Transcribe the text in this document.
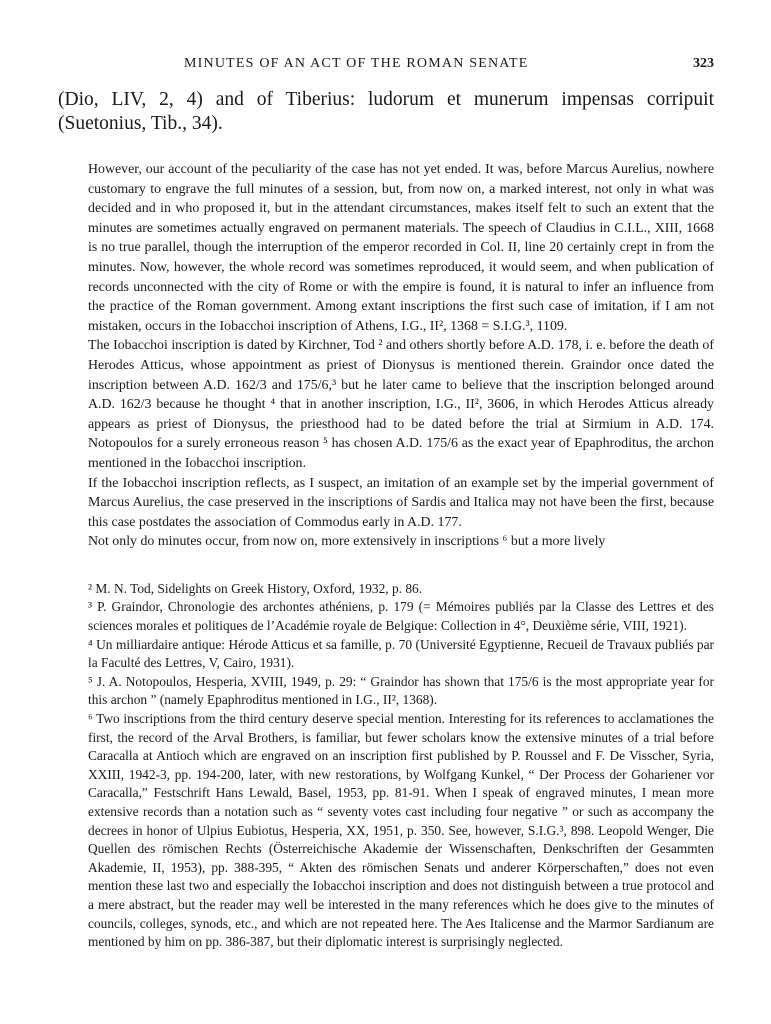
MINUTES OF AN ACT OF THE ROMAN SENATE	323
(Dio, LIV, 2, 4) and of Tiberius: ludorum et munerum impensas corripuit (Suetonius, Tib., 34).

However, our account of the peculiarity of the case has not yet ended. It was, before Marcus Aurelius, nowhere customary to engrave the full minutes of a session, but, from now on, a marked interest, not only in what was decided and in who proposed it, but in the attendant circumstances, makes itself felt to such an extent that the minutes are sometimes actually engraved on permanent materials. The speech of Claudius in C.I.L., XIII, 1668 is no true parallel, though the interruption of the emperor recorded in Col. II, line 20 certainly crept in from the minutes. Now, however, the whole record was sometimes reproduced, it would seem, and when publication of records unconnected with the city of Rome or with the empire is found, it is natural to infer an influence from the practice of the Roman government. Among extant inscriptions the first such case of imitation, if I am not mistaken, occurs in the Iobacchoi inscription of Athens, I.G., II², 1368 = S.I.G.³, 1109.

The Iobacchoi inscription is dated by Kirchner, Tod ² and others shortly before A.D. 178, i. e. before the death of Herodes Atticus, whose appointment as priest of Dionysus is mentioned therein. Graindor once dated the inscription between A.D. 162/3 and 175/6,³ but he later came to believe that the inscription belonged around A.D. 162/3 because he thought ⁴ that in another inscription, I.G., II², 3606, in which Herodes Atticus already appears as priest of Dionysus, the priesthood had to be dated before the trial at Sirmium in A.D. 174. Notopoulos for a surely erroneous reason ⁵ has chosen A.D. 175/6 as the exact year of Epaphroditus, the archon mentioned in the Iobacchoi inscription.

If the Iobacchoi inscription reflects, as I suspect, an imitation of an example set by the imperial government of Marcus Aurelius, the case preserved in the inscriptions of Sardis and Italica may not have been the first, because this case postdates the association of Commodus early in A.D. 177.

Not only do minutes occur, from now on, more extensively in inscriptions ⁶ but a more lively

² M. N. Tod, Sidelights on Greek History, Oxford, 1932, p. 86.

³ P. Graindor, Chronologie des archontes athéniens, p. 179 (= Mémoires publiés par la Classe des Lettres et des sciences morales et politiques de l’Académie royale de Belgique: Collection in 4°, Deuxième série, VIII, 1921).

⁴ Un milliardaire antique: Hérode Atticus et sa famille, p. 70 (Université Egyptienne, Recueil de Travaux publiés par la Faculté des Lettres, V, Cairo, 1931).

⁵ J. A. Notopoulos, Hesperia, XVIII, 1949, p. 29: “ Graindor has shown that 175/6 is the most appropriate year for this archon ” (namely Epaphroditus mentioned in I.G., II², 1368).

⁶ Two inscriptions from the third century deserve special mention. Interesting for its references to acclamationes the first, the record of the Arval Brothers, is familiar, but fewer scholars know the extensive minutes of a trial before Caracalla at Antioch which are engraved on an inscription first published by P. Roussel and F. De Visscher, Syria, XXIII, 1942-3, pp. 194-200, later, with new restorations, by Wolfgang Kunkel, “ Der Process der Gohariener vor Caracalla,” Festschrift Hans Lewald, Basel, 1953, pp. 81-91. When I speak of engraved minutes, I mean more extensive records than a notation such as “ seventy votes cast including four negative ” or such as accompany the decrees in honor of Ulpius Eubiotus, Hesperia, XX, 1951, p. 350. See, however, S.I.G.³, 898. Leopold Wenger, Die Quellen des römischen Rechts (Österreichische Akademie der Wissenschaften, Denkschriften der Gesammten Akademie, II, 1953), pp. 388-395, “ Akten des römischen Senats und anderer Körperschaften,” does not even mention these last two and especially the Iobacchoi inscription and does not distinguish between a true protocol and a mere abstract, but the reader may well be interested in the many references which he does give to the minutes of councils, colleges, synods, etc., and which are not repeated here. The Aes Italicense and the Marmor Sardianum are mentioned by him on pp. 386-387, but their diplomatic interest is surprisingly neglected.
